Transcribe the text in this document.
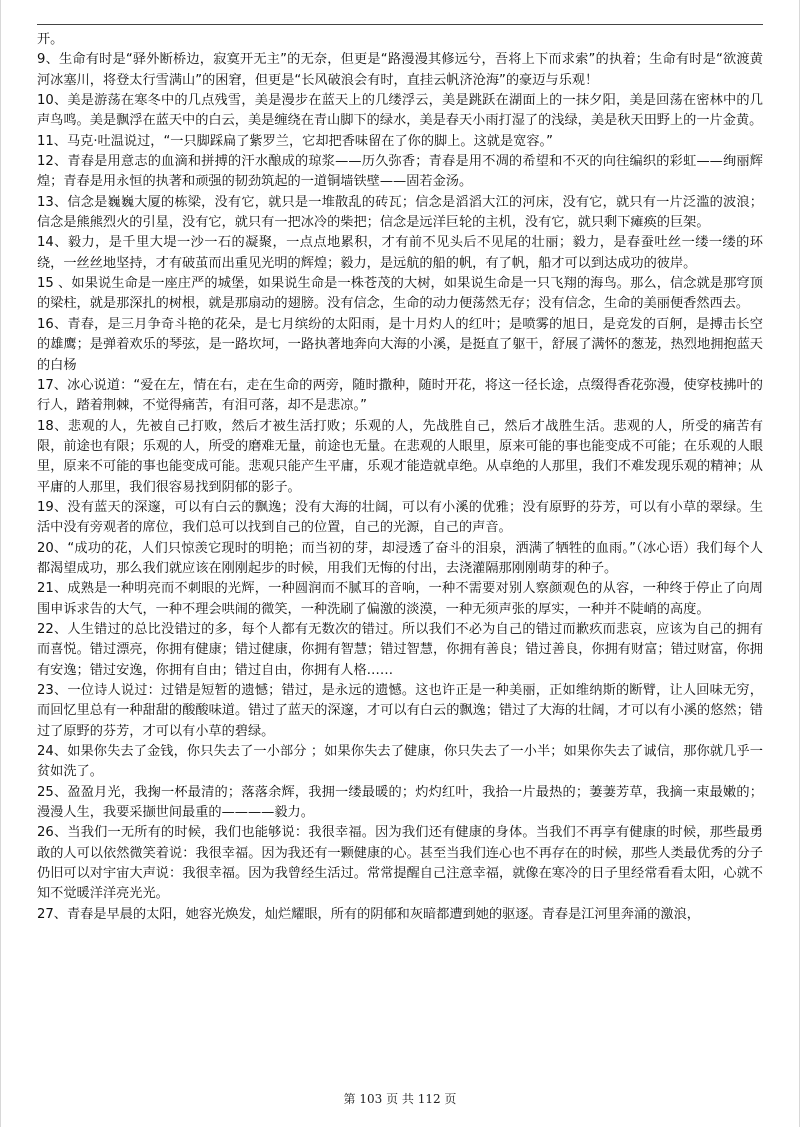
开。

9、生命有时是“驿外断桥边，寂寞开无主”的无奈，但更是“路漫漫其修远兮，吾将上下而求索”的执着；生命有时是“欲渡黄河冰塞川，将登太行雪满山”的困窘，但更是“长风破浪会有时，直挂云帆济沧海”的豪迈与乐观！

10、美是游荡在寒冬中的几点残雪，美是漫步在蓝天上的几缕浮云，美是跳跃在湖面上的一抹夕阳，美是回荡在密林中的几声鸟鸣。美是飘浮在蓝天中的白云，美是缠绕在青山脚下的绿水，美是春天小雨打湿了的浅绿，美是秋天田野上的一片金黄。

11、马克·吐温说过，“一只脚踩扁了紫罗兰，它却把香味留在了你的脚上。这就是宽容。”

12、青春是用意志的血滴和拼搏的汗水酿成的琼浆——历久弥香；青春是用不凋的希望和不灭的向往编织的彩虹——绚丽辉煌；青春是用永恒的执著和顽强的韧劲筑起的一道铜墙铁壁——固若金汤。

13、信念是巍巍大厦的栋梁，没有它，就只是一堆散乱的砖瓦；信念是滔滔大江的河床，没有它，就只有一片泛滥的波浪；信念是熊熊烈火的引星，没有它，就只有一把冰冷的柴把；信念是远洋巨轮的主机，没有它，就只剩下瘫痪的巨架。

14、毅力，是千里大堤一沙一石的凝聚，一点点地累积，才有前不见头后不见尾的壮丽；毅力，是春蚕吐丝一缕一缕的环绕，一丝丝地坚持，才有破茧而出重见光明的辉煌；毅力，是远航的船的帆，有了帆，船才可以到达成功的彼岸。

15 、如果说生命是一座庄严的城堡，如果说生命是一株苍茂的大树，如果说生命是一只飞翔的海鸟。那么，信念就是那穹顶的梁柱，就是那深扎的树根，就是那扇动的翅膀。没有信念，生命的动力便荡然无存；没有信念，生命的美丽便香然西去。

16、青春，是三月争奇斗艳的花朵，是七月缤纷的太阳雨，是十月灼人的红叶；是喷雾的旭日，是竞发的百舸，是搏击长空的雄鹰；是弹着欢乐的琴弦，是一路坎坷，一路执著地奔向大海的小溪，是挺直了躯干，舒展了满怀的葱茏，热烈地拥抱蓝天的白杨

17、冰心说道：“爱在左，情在右，走在生命的两旁，随时撒种，随时开花，将这一径长途，点缀得香花弥漫，使穿枝拂叶的行人，踏着荆棘，不觉得痛苦，有泪可落，却不是悲凉。”

18、悲观的人，先被自己打败，然后才被生活打败；乐观的人，先战胜自己，然后才战胜生活。悲观的人，所受的痛苦有限，前途也有限；乐观的人，所受的磨难无量，前途也无量。在悲观的人眼里，原来可能的事也能变成不可能；在乐观的人眼里，原来不可能的事也能变成可能。悲观只能产生平庸，乐观才能造就卓绝。从卓绝的人那里，我们不难发现乐观的精神；从平庸的人那里，我们很容易找到阴郁的影子。

19、没有蓝天的深邃，可以有白云的飘逸；没有大海的壮阔，可以有小溪的优雅；没有原野的芬芳，可以有小草的翠绿。生活中没有旁观者的席位，我们总可以找到自己的位置，自己的光源，自己的声音。

20、“成功的花，人们只惊羡它现时的明艳；而当初的芽，却浸透了奋斗的泪泉，洒满了牺牲的血雨。”（冰心语）我们每个人都渴望成功，那么我们就应该在刚刚起步的时候，用我们无悔的付出，去浇灌隔那刚刚萌芽的种子。

21、成熟是一种明亮而不刺眼的光辉，一种圆润而不腻耳的音响，一种不需要对别人察颜观色的从容，一种终于停止了向周围申诉求告的大气，一种不理会哄闹的微笑，一种洗刷了偏激的淡漠，一种无须声张的厚实，一种并不陡峭的高度。

22、人生错过的总比没错过的多，每个人都有无数次的错过。所以我们不必为自己的错过而歉疚而悲哀，应该为自己的拥有而喜悦。错过漂亮，你拥有健康；错过健康，你拥有智慧；错过智慧，你拥有善良；错过善良，你拥有财富；错过财富，你拥有安逸；错过安逸，你拥有自由；错过自由，你拥有人格……

23、一位诗人说过：过错是短暂的遗憾；错过，是永远的遗憾。这也许正是一种美丽，正如维纳斯的断臂，让人回味无穷，而回忆里总有一种甜甜的酸酸味道。错过了蓝天的深邃，才可以有白云的飘逸；错过了大海的壮阔，才可以有小溪的悠然；错过了原野的芬芳，才可以有小草的碧绿。

24、如果你失去了金钱，你只失去了一小部分 ；如果你失去了健康，你只失去了一小半；如果你失去了诚信，那你就几乎一贫如洗了。

25、盈盈月光，我掬一杯最清的；落落余辉，我拥一缕最暖的；灼灼红叶，我拾一片最热的；萋萋芳草，我摘一束最嫩的；漫漫人生，我要采撷世间最重的————毅力。

26、当我们一无所有的时候，我们也能够说：我很幸福。因为我们还有健康的身体。当我们不再享有健康的时候，那些最勇敢的人可以依然微笑着说：我很幸福。因为我还有一颗健康的心。甚至当我们连心也不再存在的时候，那些人类最优秀的分子仍旧可以对宇宙大声说：我很幸福。因为我曾经生活过。常常提醒自己注意幸福，就像在寒冷的日子里经常看看太阳，心就不知不觉暖洋洋亮光光。

27、青春是早晨的太阳，她容光焕发，灿烂耀眼，所有的阴郁和灰暗都遭到她的驱逐。青春是江河里奔涌的激浪，

第 103 页 共 112 页
